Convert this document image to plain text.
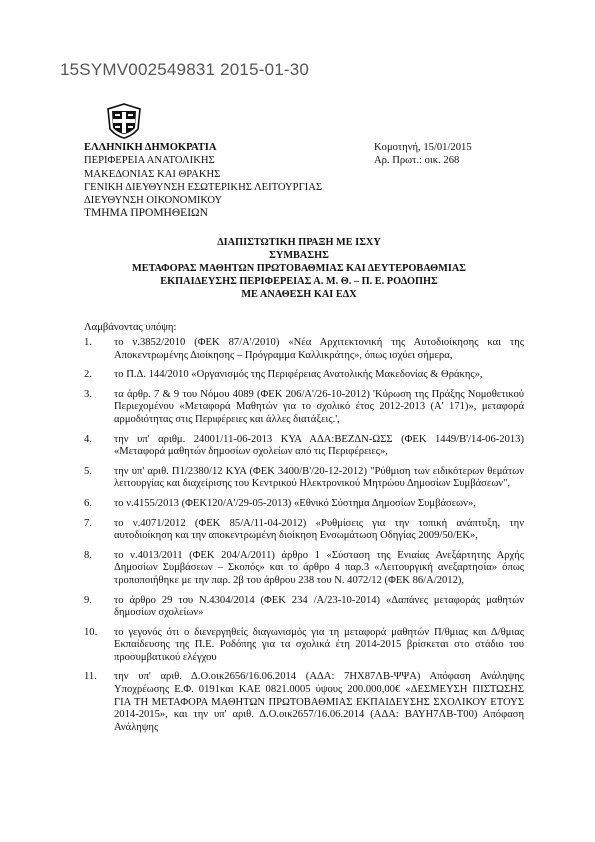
15SYMV002549831 2015-01-30
ΕΛΛΗΝΙΚΗ ΔΗΜΟΚΡΑΤΙΑ
ΠΕΡΙΦΕΡΕΙΑ ΑΝΑΤΟΛΙΚΗΣ
ΜΑΚΕΔΟΝΙΑΣ ΚΑΙ ΘΡΑΚΗΣ
ΓΕΝΙΚΗ ΔΙΕΥΘΥΝΣΗ ΕΣΩΤΕΡΙΚΗΣ ΛΕΙΤΟΥΡΓΙΑΣ
ΔΙΕΥΘΥΝΣΗ ΟΙΚΟΝΟΜΙΚΟΥ
ΤΜΗΜΑ ΠΡΟΜΗΘΕΙΩΝ
Κομοτηνή, 15/01/2015
Αρ. Πρωτ.: οικ. 268
ΔΙΑΠΙΣΤΩΤΙΚΗ ΠΡΑΞΗ ΜΕ ΙΣΧΥ
ΣΥΜΒΑΣΗΣ
ΜΕΤΑΦΟΡΑΣ ΜΑΘΗΤΩΝ ΠΡΩΤΟΒΑΘΜΙΑΣ ΚΑΙ ΔΕΥΤΕΡΟΒΑΘΜΙΑΣ
ΕΚΠΑΙΔΕΥΣΗΣ ΠΕΡΙΦΕΡΕΙΑΣ Α. Μ. Θ. – Π. Ε. ΡΟΔΟΠΗΣ
ΜΕ ΑΝΑΘΕΣΗ ΚΑΙ ΕΔΧ
Λαμβάνοντας υπόψη:
1.	το ν.3852/2010 (ΦΕΚ 87/Α'/2010) «Νέα Αρχιτεκτονική της Αυτοδιοίκησης και της Αποκεντρωμένης Διοίκησης – Πρόγραμμα Καλλικράτης», όπως ισχύει σήμερα,
2.	το Π.Δ. 144/2010 «Οργανισμός της Περιφέρειας Ανατολικής Μακεδονίας & Θράκης»,
3.	τα άρθρ. 7 & 9 του Νόμου 4089 (ΦΕΚ 206/Α'/26-10-2012) 'Κύρωση της Πράξης Νομοθετικού Περιεχομένου «Μεταφορά Μαθητών για το σχολικό έτος 2012-2013 (Α' 171)», μεταφορά αρμοδιότητας στις Περιφέρειες και άλλες διατάξεις.',
4.	την υπ' αριθμ. 24001/11-06-2013 ΚΥΑ ΑΔΑ:ΒΕΖΔΝ-ΩΣΣ (ΦΕΚ 1449/Β'/14-06-2013) «Μεταφορά μαθητών δημοσίων σχολείων από τις Περιφέρειες»,
5.	την υπ' αριθ. Π1/2380/12 ΚΥΑ (ΦΕΚ 3400/Β'/20-12-2012) "Ρύθμιση των ειδικότερων θεμάτων λειτουργίας και διαχείρισης του Κεντρικού Ηλεκτρονικού Μητρώου Δημοσίων Συμβάσεων",
6.	το ν.4155/2013 (ΦΕΚ120/Α'/29-05-2013) «Εθνικό Σύστημα Δημοσίων Συμβάσεων»,
7.	το ν.4071/2012 (ΦΕΚ 85/Α/11-04-2012) «Ρυθμίσεις για την τοπική ανάπτυξη, την αυτοδιοίκηση και την αποκεντρωμένη διοίκηση Ενσωμάτωση Οδηγίας 2009/50/ΕΚ»,
8.	το ν.4013/2011 (ΦΕΚ 204/Α/2011) άρθρο 1 «Σύσταση της Ενιαίας Ανεξάρτητης Αρχής Δημοσίων Συμβάσεων – Σκοπός» και το άρθρο 4 παρ.3 «Λειτουργική ανεξαρτησία» όπως τροποποιήθηκε με την παρ. 2β του άρθρου 238 του Ν. 4072/12 (ΦΕΚ 86/Α/2012),
9.	το άρθρο 29 του Ν.4304/2014 (ΦΕΚ 234 /Α/23-10-2014) «Δαπάνες μεταφοράς μαθητών δημοσίων σχολείων»
10.	το γεγονός ότι ο διενεργηθείς διαγωνισμός για τη μεταφορά μαθητών Π/θμιας και Δ/θμιας Εκπαίδευσης της Π.Ε. Ροδόπης για τα σχολικά έτη 2014-2015 βρίσκεται στο στάδιο του προσυμβατικού ελέγχου
11.	την υπ' αριθ. Δ.Ο.οικ2656/16.06.2014 (ΑΔΑ: 7ΗΧ87ΛΒ-ΨΨΑ) Απόφαση Ανάληψης Υποχρέωσης Ε.Φ. 0191και ΚΑΕ 0821.0005 ύψους 200.000,00€ «ΔΕΣΜΕΥΣΗ ΠΙΣΤΩΣΗΣ ΓΙΑ ΤΗ ΜΕΤΑΦΟΡΑ ΜΑΘΗΤΩΝ ΠΡΩΤΟΒΑΘΜΙΑΣ ΕΚΠΑΙΔΕΥΣΗΣ ΣΧΟΛΙΚΟΥ ΕΤΟΥΣ 2014-2015», και την υπ' αριθ. Δ.Ο.οικ2657/16.06.2014 (ΑΔΑ: ΒΑΥΗ7ΛΒ-Τ00) Απόφαση Ανάληψης
